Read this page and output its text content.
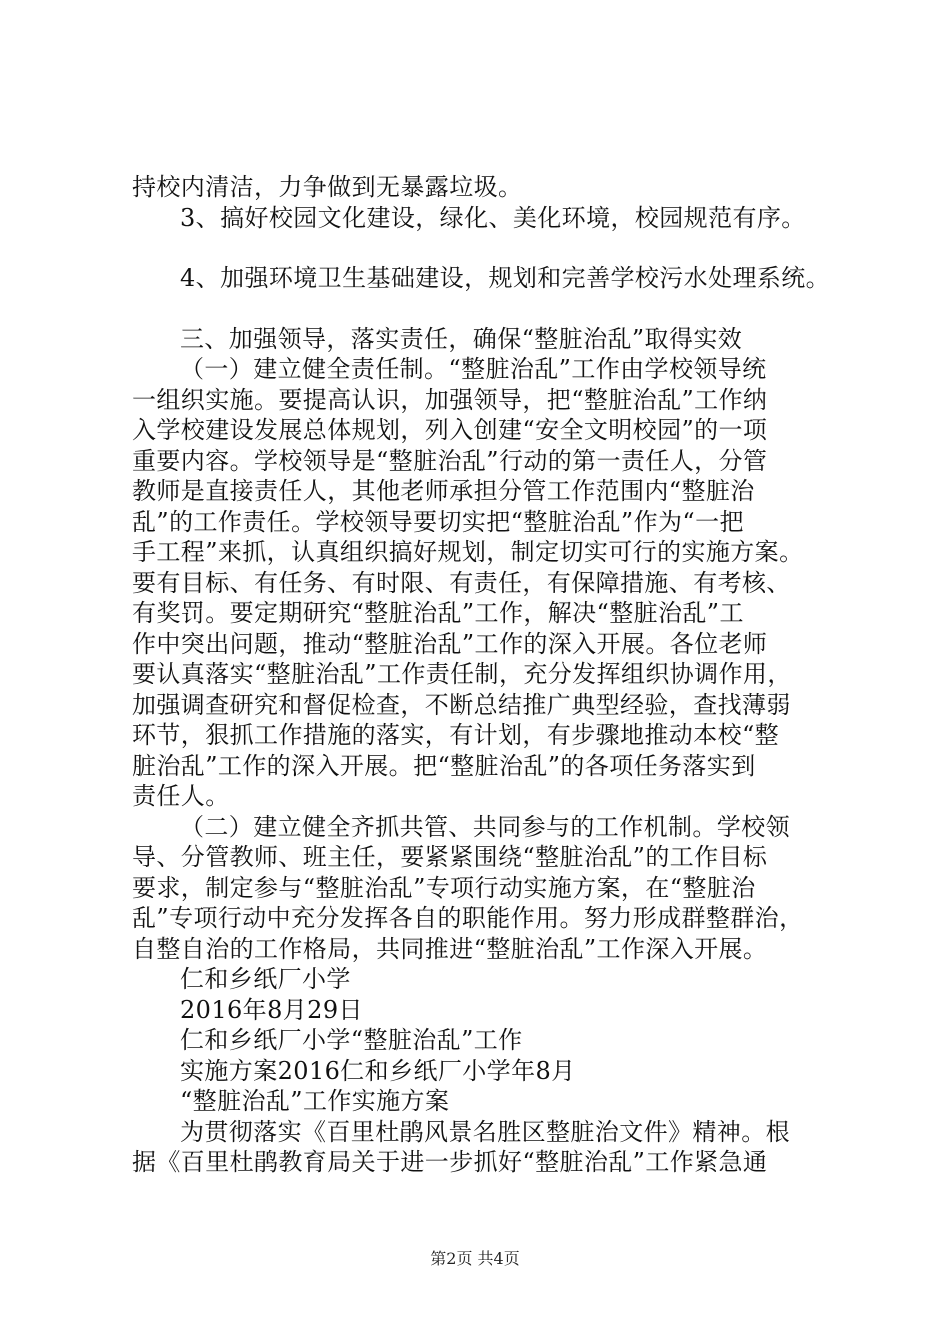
持校内清洁，力争做到无暴露垃圾。

3、搞好校园文化建设，绿化、美化环境，校园规范有序。

4、加强环境卫生基础建设，规划和完善学校污水处理系统。

三、加强领导，落实责任，确保“整脏治乱”取得实效

（一）建立健全责任制。“整脏治乱”工作由学校领导统

一组织实施。要提高认识，加强领导，把“整脏治乱”工作纳

入学校建设发展总体规划，列入创建“安全文明校园”的一项

重要内容。学校领导是“整脏治乱”行动的第一责任人，分管

教师是直接责任人，其他老师承担分管工作范围内“整脏治

乱”的工作责任。学校领导要切实把“整脏治乱”作为“一把

手工程”来抓，认真组织搞好规划，制定切实可行的实施方案。

要有目标、有任务、有时限、有责任，有保障措施、有考核、

有奖罚。要定期研究“整脏治乱”工作，解决“整脏治乱”工

作中突出问题，推动“整脏治乱”工作的深入开展。各位老师

要认真落实“整脏治乱”工作责任制，充分发挥组织协调作用，

加强调查研究和督促检查，不断总结推广典型经验，查找薄弱

环节，狠抓工作措施的落实，有计划，有步骤地推动本校“整

脏治乱”工作的深入开展。把“整脏治乱”的各项任务落实到

责任人。

（二）建立健全齐抓共管、共同参与的工作机制。学校领

导、分管教师、班主任，要紧紧围绕“整脏治乱”的工作目标

要求，制定参与“整脏治乱”专项行动实施方案，在“整脏治

乱”专项行动中充分发挥各自的职能作用。努力形成群整群治，

自整自治的工作格局，共同推进“整脏治乱”工作深入开展。

仁和乡纸厂小学

2016年8月29日

仁和乡纸厂小学“整脏治乱”工作

实施方案2016仁和乡纸厂小学年8月

“整脏治乱”工作实施方案

为贯彻落实《百里杜鹃风景名胜区整脏治文件》精神。根

据《百里杜鹃教育局关于进一步抓好“整脏治乱”工作紧急通

第2页 共4页
